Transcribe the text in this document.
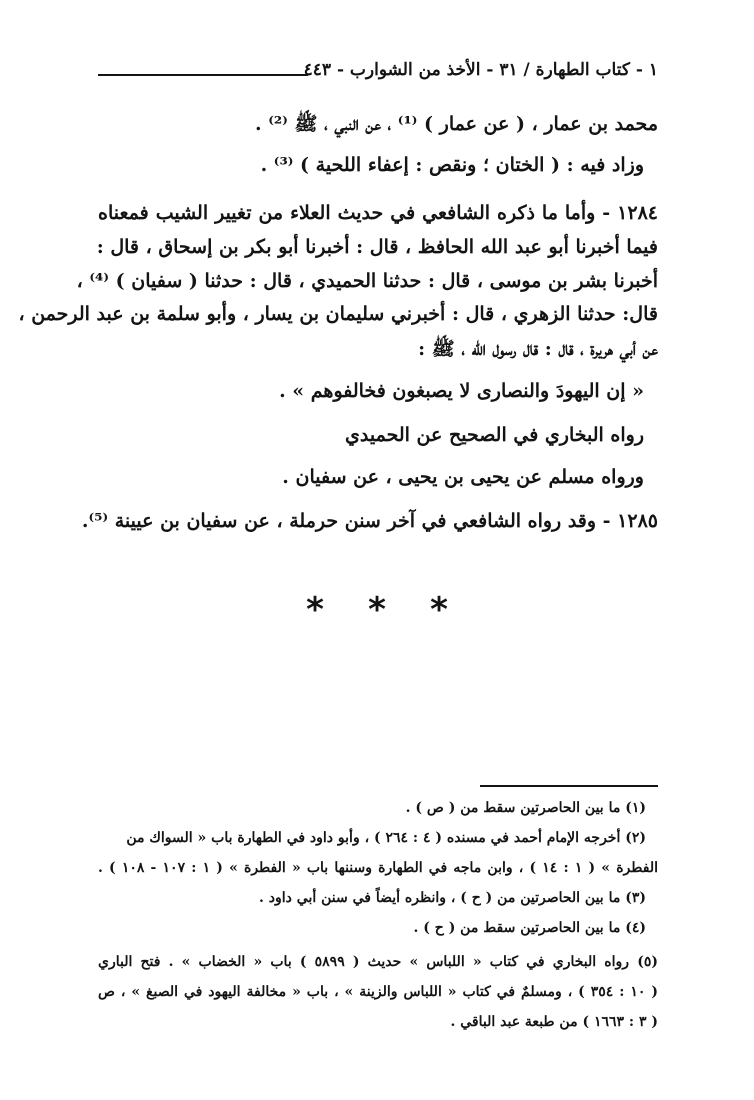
١ - كتاب الطهارة / ٣١ - الأخذ من الشوارب - ٤٤٣
محمد بن عمار ، ( عن عمار ) ⁽¹⁾ ، عن النبي ، ﷺ ⁽²⁾ .
وزاد فيه : ( الختان ؛ ونقص : إعفاء اللحية ) ⁽³⁾ .
١٢٨٤ - وأما ما ذكره الشافعي في حديث العلاء من تغيير الشيب فمعناه
فيما أخبرنا أبو عبد الله الحافظ ، قال : أخبرنا أبو بكر بن إسحاق ، قال :
أخبرنا بشر بن موسى ، قال : حدثنا الحميدي ، قال : حدثنا ( سفيان ) ⁽⁴⁾ ،
قال: حدثنا الزهري ، قال : أخبرني سليمان بن يسار ، وأبو سلمة بن عبد الرحمن ،
عن أبي هريرة ، قال : قال رسول الله ، ﷺ :
« إن اليهودَ والنصارى لا يصبغون فخالفوهم » .
رواه البخاري في الصحيح عن الحميدي
ورواه مسلم عن يحيى بن يحيى ، عن سفيان .
١٢٨٥ - وقد رواه الشافعي في آخر سنن حرملة ، عن سفيان بن عيينة ⁽⁵⁾.
* * *
(١) ما بين الحاصرتين سقط من ( ص ) .
(٢) أخرجه الإمام أحمد في مسنده ( ٤ : ٢٦٤ ) ، وأبو داود في الطهارة باب « السواك من
الفطرة » ( ١ : ١٤ ) ، وابن ماجه في الطهارة وسننها باب « الفطرة » ( ١ : ١٠٧ - ١٠٨ ) .
(٣) ما بين الحاصرتين من ( ح ) ، وانظره أيضاً في سنن أبي داود .
(٤) ما بين الحاصرتين سقط من ( ح ) .
(٥) رواه البخاري في كتاب « اللباس » حديث ( ٥٨٩٩ ) باب « الخضاب » . فتح الباري
( ١٠ : ٣٥٤ ) ، ومسلمٌ في كتاب « اللباس والزينة » ، باب « مخالفة اليهود في الصبغ » ، ص
( ٣ : ١٦٦٣ ) من طبعة عبد الباقي .
